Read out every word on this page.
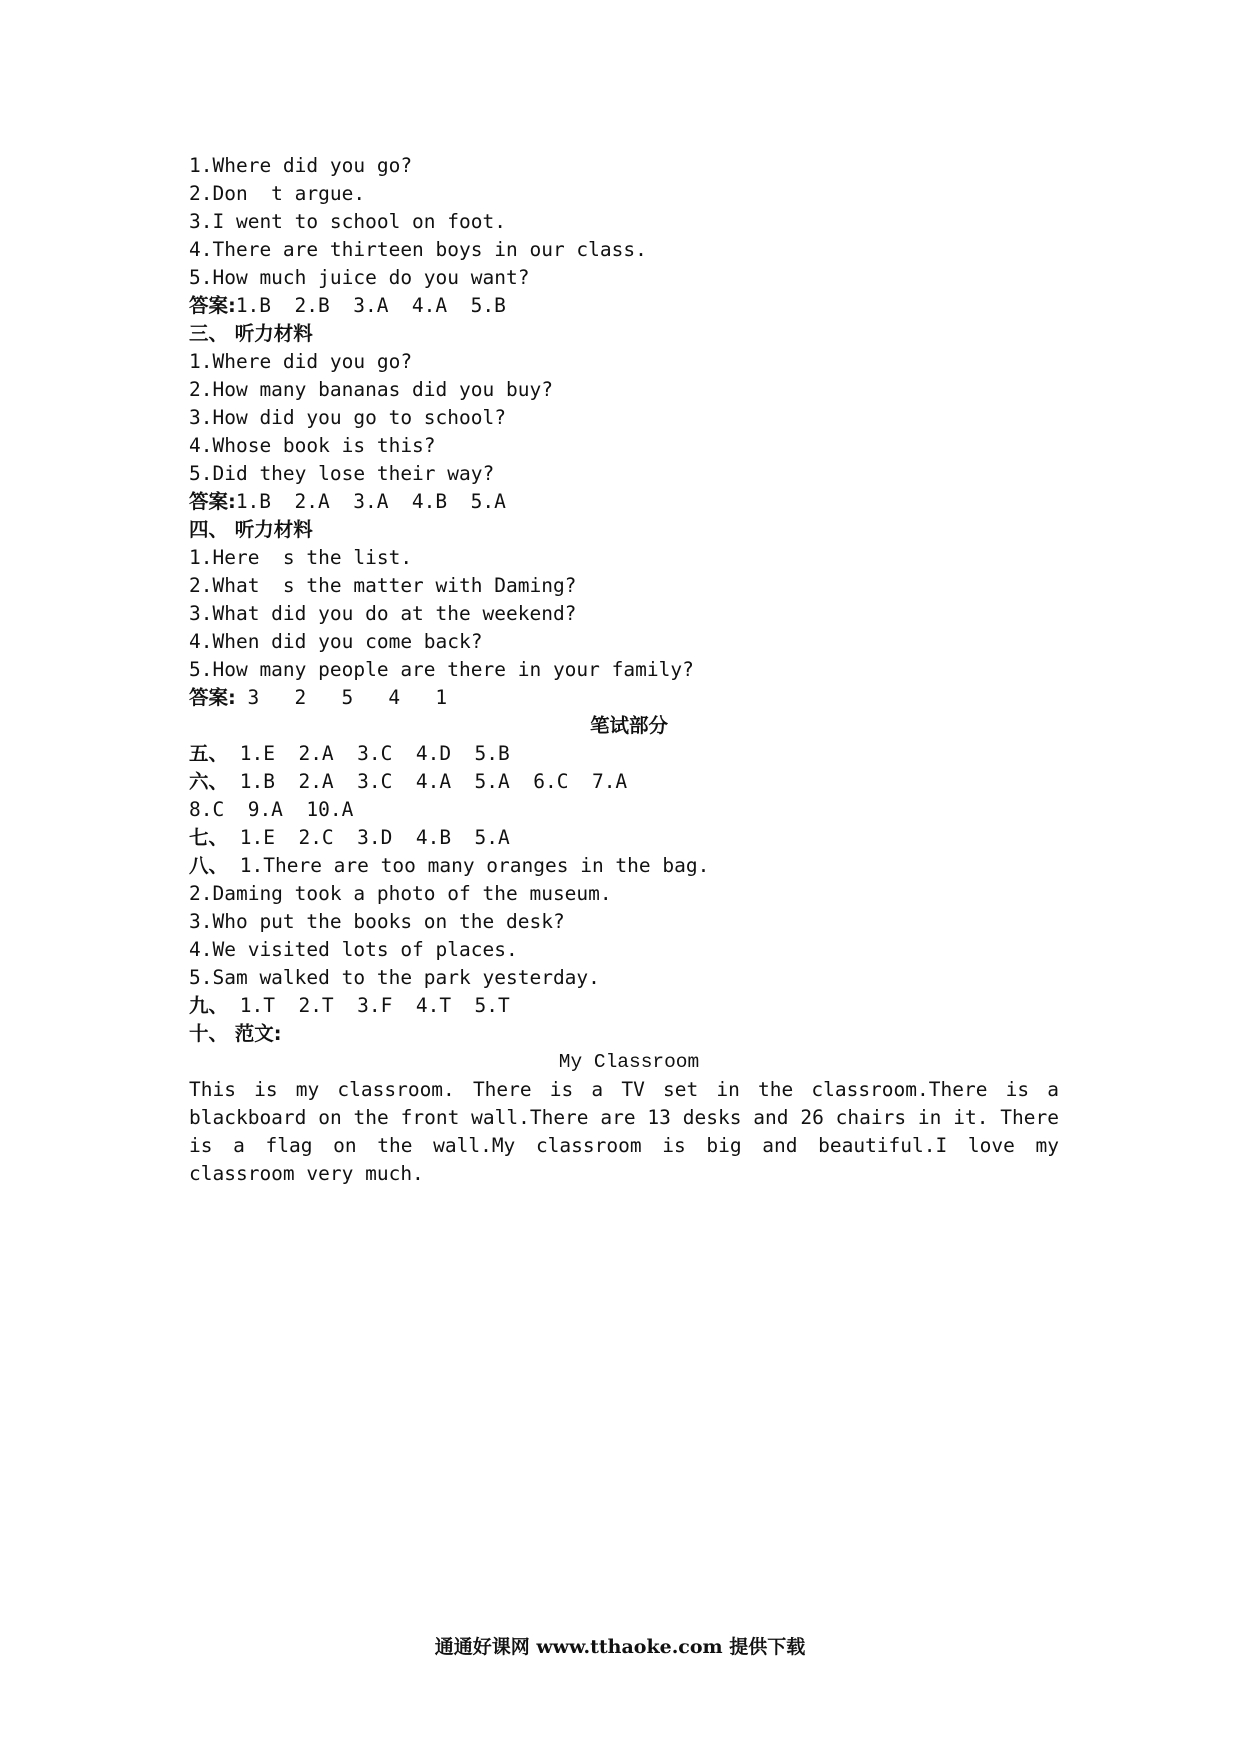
1.Where did you go?
2.Don  t argue.
3.I went to school on foot.
4.There are thirteen boys in our class.
5.How much juice do you want?
答案:1.B  2.B  3.A  4.A  5.B
三、 听力材料
1.Where did you go?
2.How many bananas did you buy?
3.How did you go to school?
4.Whose book is this?
5.Did they lose their way?
答案:1.B  2.A  3.A  4.B  5.A
四、 听力材料
1.Here  s the list.
2.What  s the matter with Daming?
3.What did you do at the weekend?
4.When did you come back?
5.How many people are there in your family?
答案: 3   2   5   4   1
笔试部分
五、 1.E  2.A  3.C  4.D  5.B
六、 1.B  2.A  3.C  4.A  5.A  6.C  7.A
8.C  9.A  10.A
七、 1.E  2.C  3.D  4.B  5.A
八、 1.There are too many oranges in the bag.
2.Daming took a photo of the museum.
3.Who put the books on the desk?
4.We visited lots of places.
5.Sam walked to the park yesterday.
九、 1.T  2.T  3.F  4.T  5.T
十、 范文:
My Classroom
This is my classroom. There is a TV set in the classroom.There is a blackboard on the front wall.There are 13 desks and 26 chairs in it. There is a flag on the wall.My classroom is big and beautiful.I love my classroom very much.
通通好课网 www.tthaoke.com 提供下载
